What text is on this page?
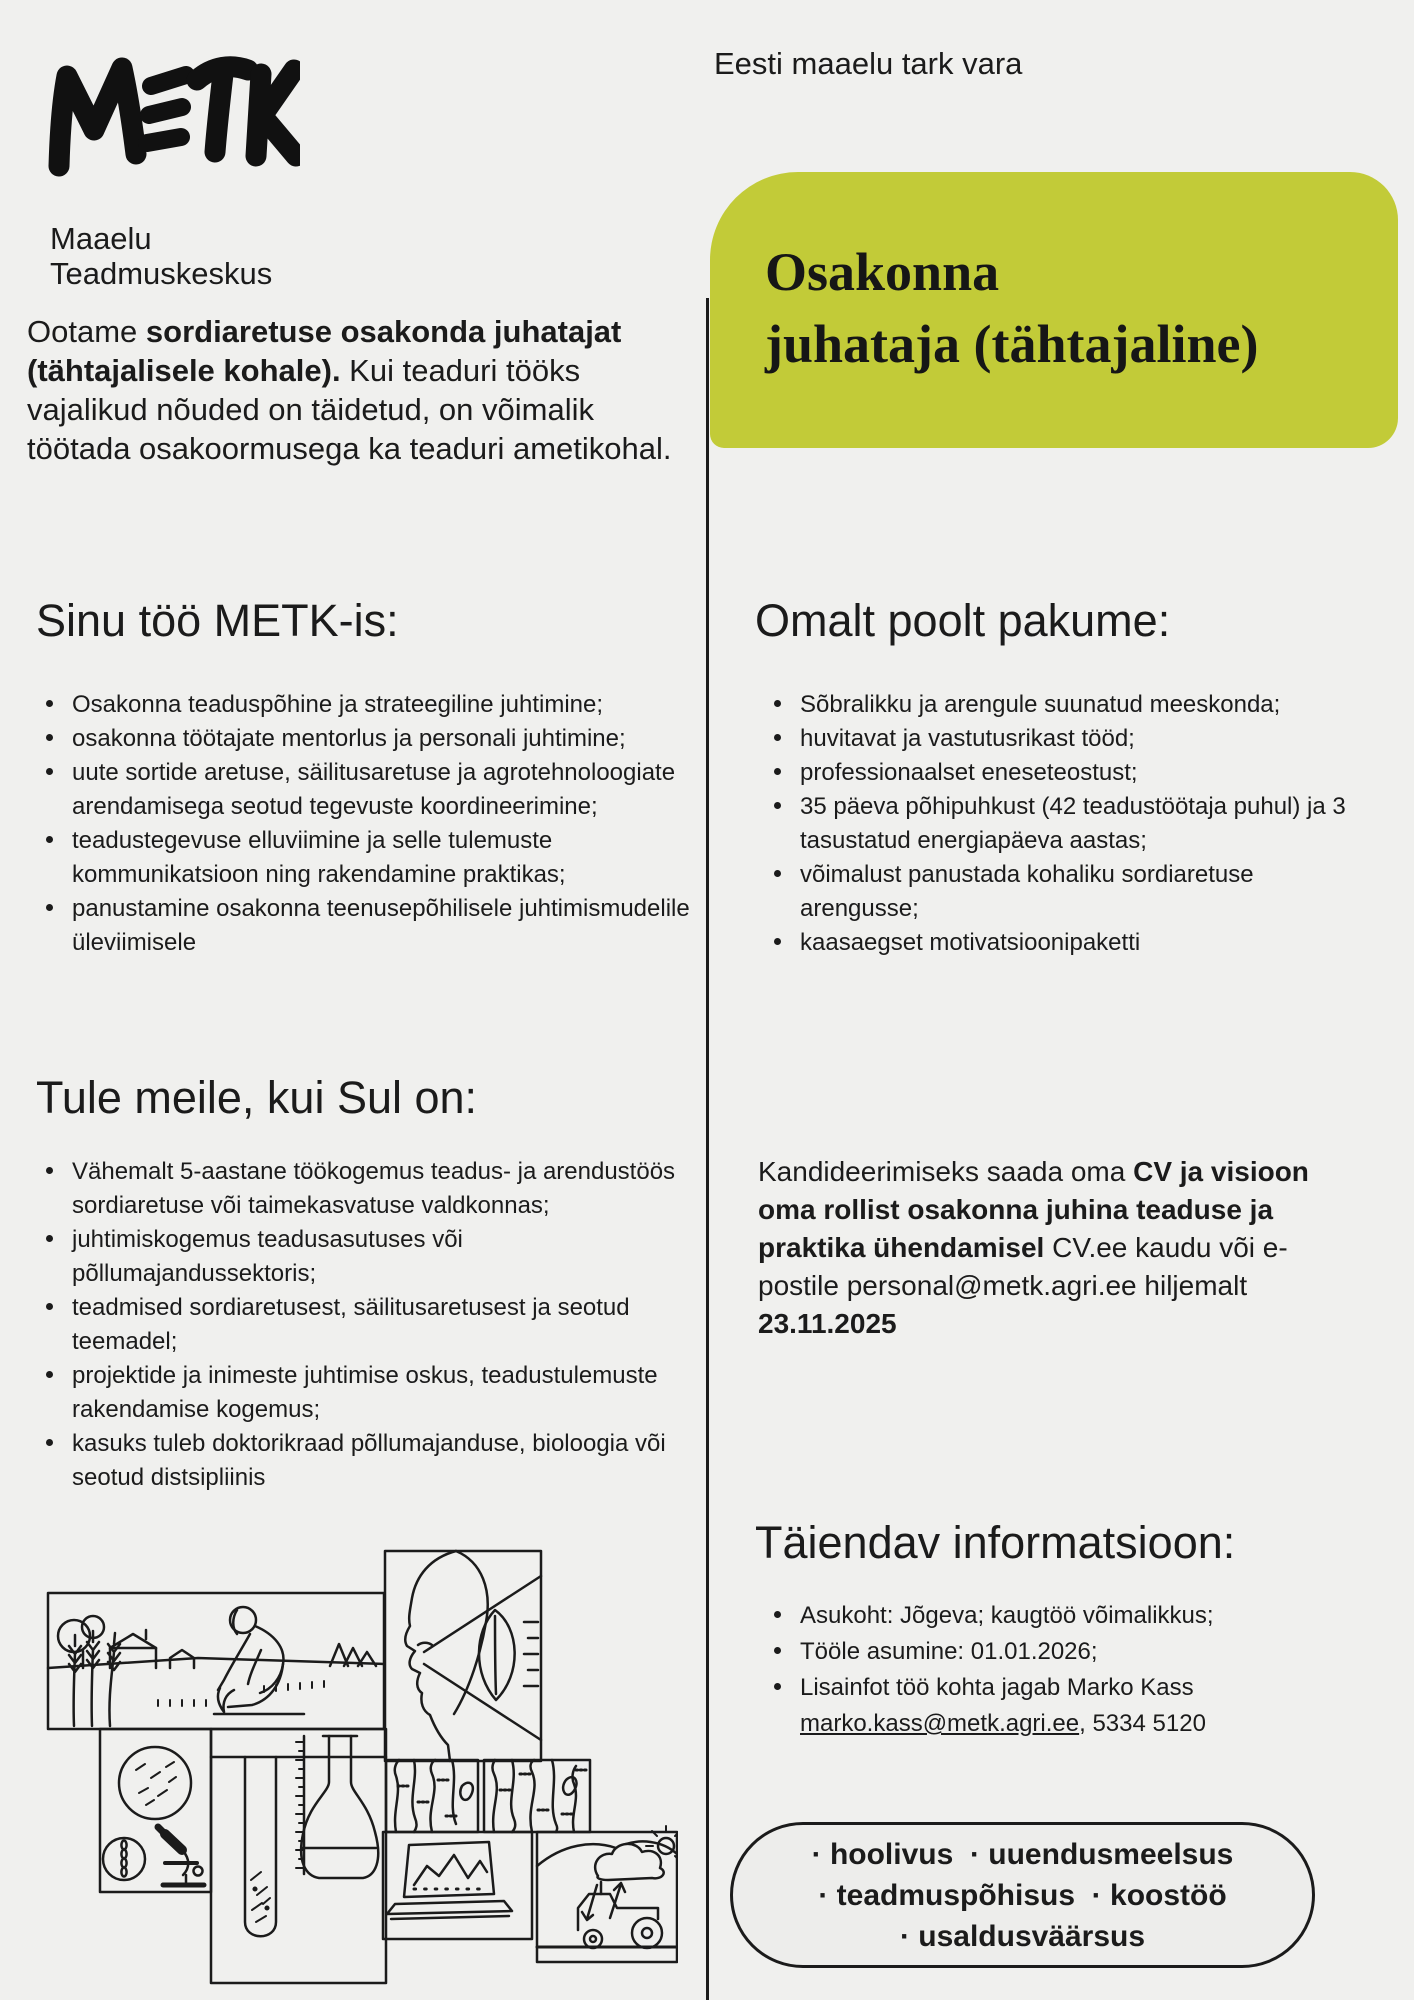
Maaelu
Teadmuskeskus
Eesti maaelu tark vara
Osakonna
juhataja (tähtajaline)

Ootame sordiaretuse osakonda juhatajat (tähtajalisele kohale). Kui teaduri tööks vajalikud nõuded on täidetud, on võimalik töötada osakoormusega ka teaduri ametikohal.

Sinu töö METK-is:
Osakonna teaduspõhine ja strateegiline juhtimine;
osakonna töötajate mentorlus ja personali juhtimine;
uute sortide aretuse, säilitusaretuse ja agrotehnoloogiate arendamisega seotud tegevuste koordineerimine;
teadustegevuse elluviimine ja selle tulemuste kommunikatsioon ning rakendamine praktikas;
panustamine osakonna teenusepõhilisele juhtimismudelile üleviimisele
Tule meile, kui Sul on:
Vähemalt 5-aastane töökogemus teadus- ja arendustöös sordiaretuse või taimekasvatuse valdkonnas;
juhtimiskogemus teadusasutuses või põllumajandussektoris;
teadmised sordiaretusest, säilitusaretusest ja seotud teemadel;
projektide ja inimeste juhtimise oskus, teadustulemuste rakendamise kogemus;
kasuks tuleb doktorikraad põllumajanduse, bioloogia või seotud distsipliinis
Omalt poolt pakume:
Sõbralikku ja arengule suunatud meeskonda;
huvitavat ja vastutusrikast tööd;
professionaalset eneseteostust;
35 päeva põhipuhkust (42 teadustöötaja puhul) ja 3 tasustatud energiapäeva aastas;
võimalust panustada kohaliku sordiaretuse arengusse;
kaasaegset motivatsioonipaketti

Kandideerimiseks saada oma CV ja visioon oma rollist osakonna juhina teaduse ja praktika ühendamisel CV.ee kaudu või e-postile personal@metk.agri.ee hiljemalt 23.11.2025

Täiendav informatsioon:
Asukoht: Jõgeva; kaugtöö võimalikkus;
Tööle asumine: 01.01.2026;
Lisainfot töö kohta jagab Marko Kass marko.kass@metk.agri.ee, 5334 5120
· hoolivus  · uuendusmeelsus
· teadmuspõhisus  · koostöö
· usaldusväärsus
